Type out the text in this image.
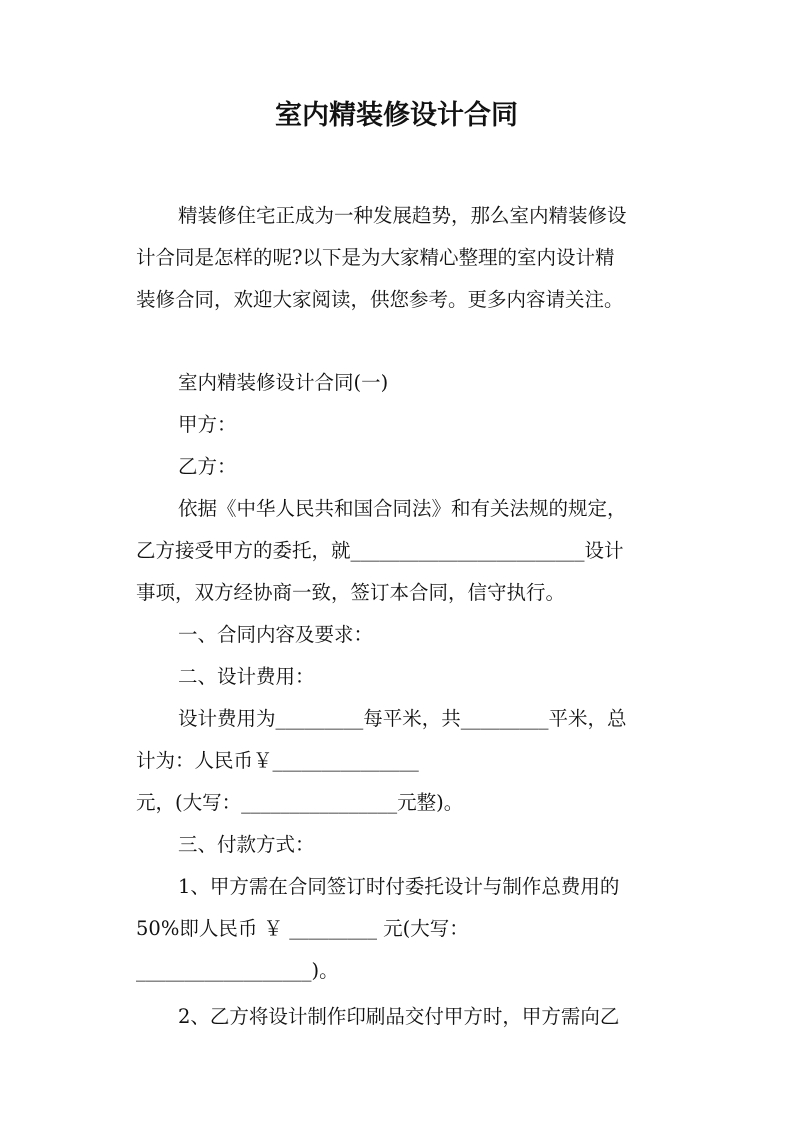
室内精装修设计合同
精装修住宅正成为一种发展趋势，那么室内精装修设
计合同是怎样的呢?以下是为大家精心整理的室内设计精
装修合同，欢迎大家阅读，供您参考。更多内容请关注。
室内精装修设计合同(一)
甲方：
乙方：
依据《中华人民共和国合同法》和有关法规的规定，
乙方接受甲方的委托，就________________________设计
事项，双方经协商一致，签订本合同，信守执行。
一、合同内容及要求：
二、设计费用：
设计费用为_________每平米，共_________平米，总
计为：人民币￥_______________
元，(大写：________________元整)。
三、付款方式：
1、甲方需在合同签订时付委托设计与制作总费用的
50%即人民币 ￥ _________ 元(大写：
__________________)。
2、乙方将设计制作印刷品交付甲方时，甲方需向乙
